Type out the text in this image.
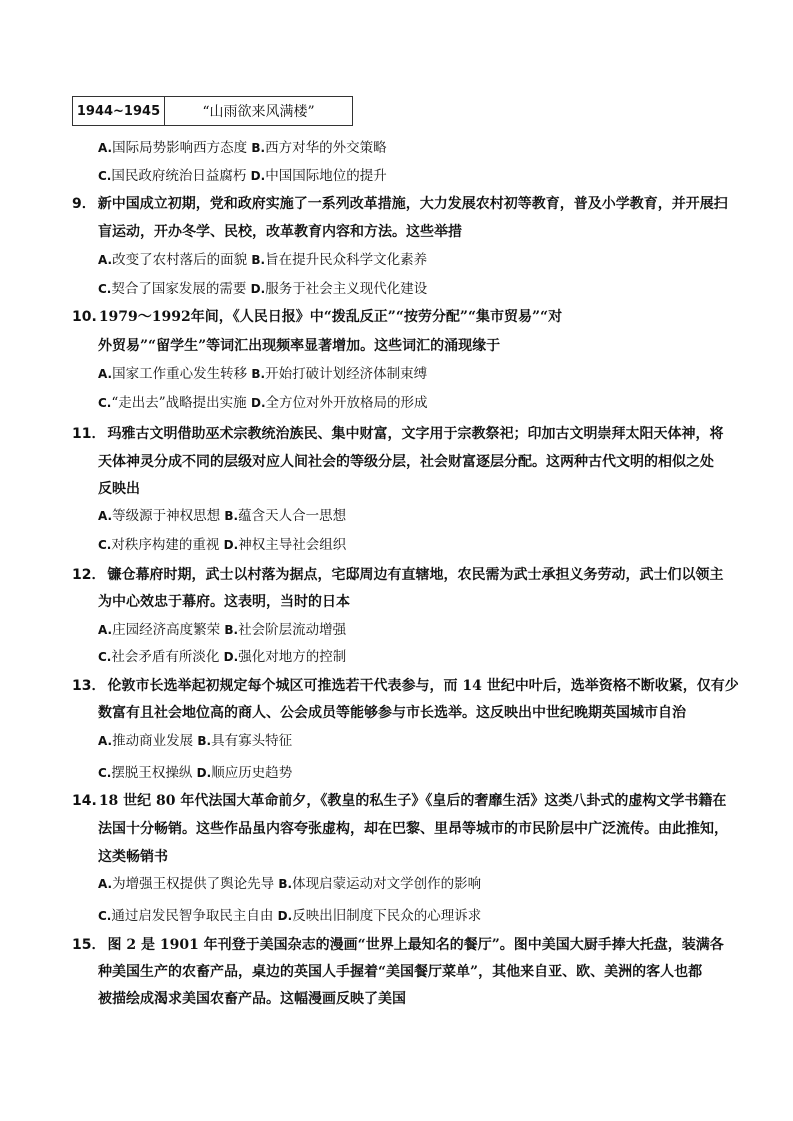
1944~1945	“山雨欲来风满楼”
A.国际局势影响西方态度 B.西方对华的外交策略
C.国民政府统治日益腐朽 D.中国国际地位的提升
9． 新中国成立初期，党和政府实施了一系列改革措施，大力发展农村初等教育，普及小学教育，并开展扫
盲运动，开办冬学、民校，改革教育内容和方法。这些举措
A.改变了农村落后的面貌 B.旨在提升民众科学文化素养
C.契合了国家发展的需要 D.服务于社会主义现代化建设
10. 1979～1992年间，《人民日报》中“拨乱反正”“按劳分配”“集市贸易”“对
外贸易”“留学生”等词汇出现频率显著增加。这些词汇的涌现缘于
A.国家工作重心发生转移 B.开始打破计划经济体制束缚
C.“走出去”战略提出实施 D.全方位对外开放格局的形成
11． 玛雅古文明借助巫术宗教统治族民、集中财富，文字用于宗教祭祀；印加古文明崇拜太阳天体神，将
天体神灵分成不同的层级对应人间社会的等级分层，社会财富逐层分配。这两种古代文明的相似之处
反映出
A.等级源于神权思想 B.蕴含天人合一思想
C.对秩序构建的重视 D.神权主导社会组织
12． 镰仓幕府时期，武士以村落为据点，宅邸周边有直辖地，农民需为武士承担义务劳动，武士们以领主
为中心效忠于幕府。这表明，当时的日本
A.庄园经济高度繁荣 B.社会阶层流动增强
C.社会矛盾有所淡化 D.强化对地方的控制
13． 伦敦市长选举起初规定每个城区可推选若干代表参与，而 14 世纪中叶后，选举资格不断收紧，仅有少
数富有且社会地位高的商人、公会成员等能够参与市长选举。这反映出中世纪晚期英国城市自治
A.推动商业发展 B.具有寡头特征
C.摆脱王权操纵 D.顺应历史趋势
14. 18 世纪 80 年代法国大革命前夕，《教皇的私生子》《皇后的奢靡生活》这类八卦式的虚构文学书籍在
法国十分畅销。这些作品虽内容夸张虚构，却在巴黎、里昂等城市的市民阶层中广泛流传。由此推知，
这类畅销书
A.为增强王权提供了舆论先导 B.体现启蒙运动对文学创作的影响
C.通过启发民智争取民主自由 D.反映出旧制度下民众的心理诉求
15． 图 2 是 1901 年刊登于美国杂志的漫画“世界上最知名的餐厅”。图中美国大厨手捧大托盘，装满各
种美国生产的农畜产品，桌边的英国人手握着“美国餐厅菜单”，其他来自亚、欧、美洲的客人也都
被描绘成渴求美国农畜产品。这幅漫画反映了美国
